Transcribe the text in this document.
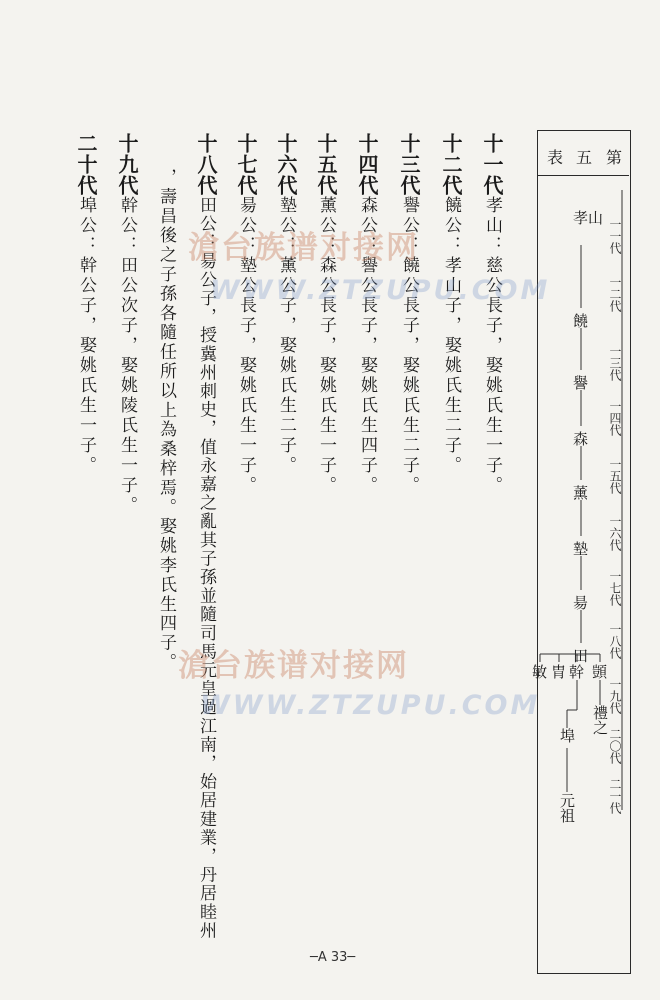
十一代孝山：慈公長子，娶姚氏生一子。
十二代饒公：孝山子，娶姚氏生二子。
十三代譽公：饒公長子，娶姚氏生二子。
十四代森公：譽公長子，娶姚氏生四子。
十五代薰公：森公長子，娶姚氏生一子。
十六代墊公：薰公子，娶姚氏生二子。
十七代昜公：墊公長子，娶姚氏生一子。
十八代田公：昜公子，授冀州刺史，值永嘉之亂其子孫並隨司馬元皇過江南，始居建業，丹居睦州
，壽昌後之子孫各隨任所以上為桑梓焉。娶姚李氏生四子。
十九代幹公：田公次子，娶姚陵氏生一子。
二十代埠公：幹公子，娶姚氏生一子。
第
五
表
一一代
一二代
一三代
一四代
一五代
一六代
一七代
一八代
一九代
二〇代
二一代
孝山
饒
譽
森
薰
墊
昜
田
顗
幹
胄
敏
禮之
埠
元祖
滄台族谱对接网
WWW.ZTZUPU.COM
滄台族谱对接网
WWW.ZTZUPU.COM
─A 33─
